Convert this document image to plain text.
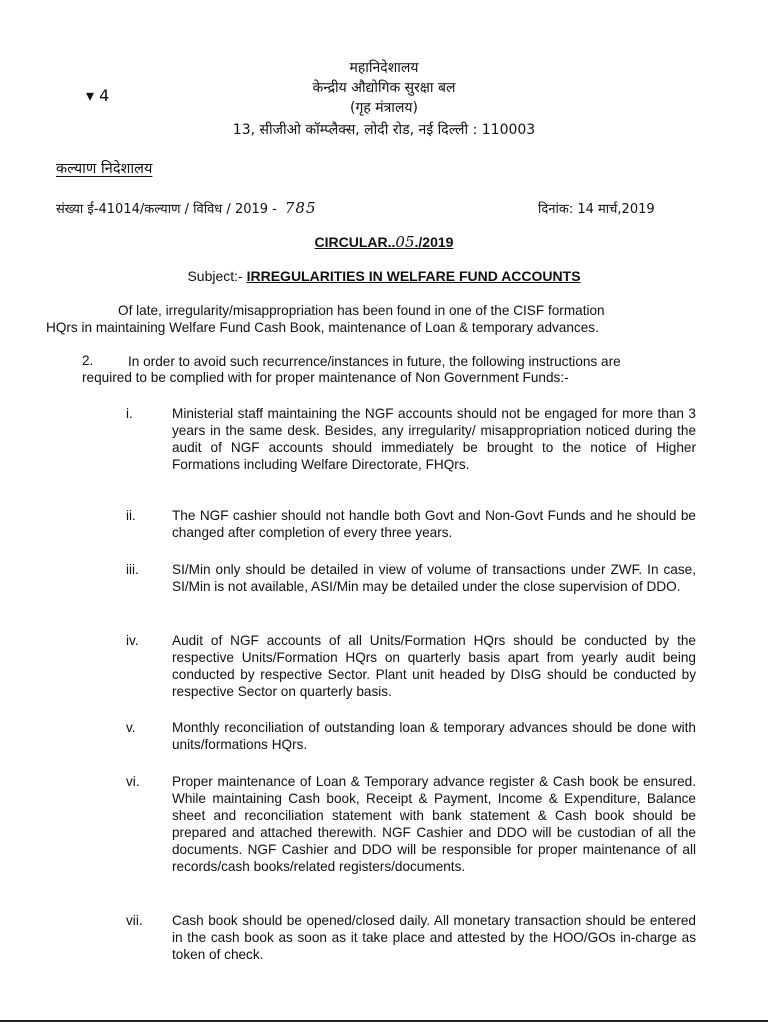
▾ 4
महानिदेशालय
केन्द्रीय औद्योगिक सुरक्षा बल
(गृह मंत्रालय)
13, सीजीओ कॉम्प्लैक्स, लोदी रोड, नई दिल्ली : 110003
कल्याण निदेशालय
संख्या ई-41014/कल्याण / विविध / 2019 - 785	दिनांक: 14 मार्च,2019
CIRCULAR..05./2019
Subject:- IRREGULARITIES IN WELFARE FUND ACCOUNTS
Of late, irregularity/misappropriation has been found in one of the CISF formation
HQrs in maintaining Welfare Fund Cash Book, maintenance of Loan & temporary advances.
2.	In order to avoid such recurrence/instances in future, the following instructions are
required to be complied with for proper maintenance of Non Government Funds:-
i.	Ministerial staff maintaining the NGF accounts should not be engaged for more than 3 years in the same desk. Besides, any irregularity/ misappropriation noticed during the audit of NGF accounts should immediately be brought to the notice of Higher Formations including Welfare Directorate, FHQrs.
ii.	The NGF cashier should not handle both Govt and Non-Govt Funds and he should be changed after completion of every three years.
iii.	SI/Min only should be detailed in view of volume of transactions under ZWF. In case, SI/Min is not available, ASI/Min may be detailed under the close supervision of DDO.
iv.	Audit of NGF accounts of all Units/Formation HQrs should be conducted by the respective Units/Formation HQrs on quarterly basis apart from yearly audit being conducted by respective Sector. Plant unit headed by DIsG should be conducted by respective Sector on quarterly basis.
v.	Monthly reconciliation of outstanding loan & temporary advances should be done with units/formations HQrs.
vi.	Proper maintenance of Loan & Temporary advance register & Cash book be ensured. While maintaining Cash book, Receipt & Payment, Income & Expenditure, Balance sheet and reconciliation statement with bank statement & Cash book should be prepared and attached therewith. NGF Cashier and DDO will be custodian of all the documents. NGF Cashier and DDO will be responsible for proper maintenance of all records/cash books/related registers/documents.
vii.	Cash book should be opened/closed daily. All monetary transaction should be entered in the cash book as soon as it take place and attested by the HOO/GOs in-charge as token of check.
